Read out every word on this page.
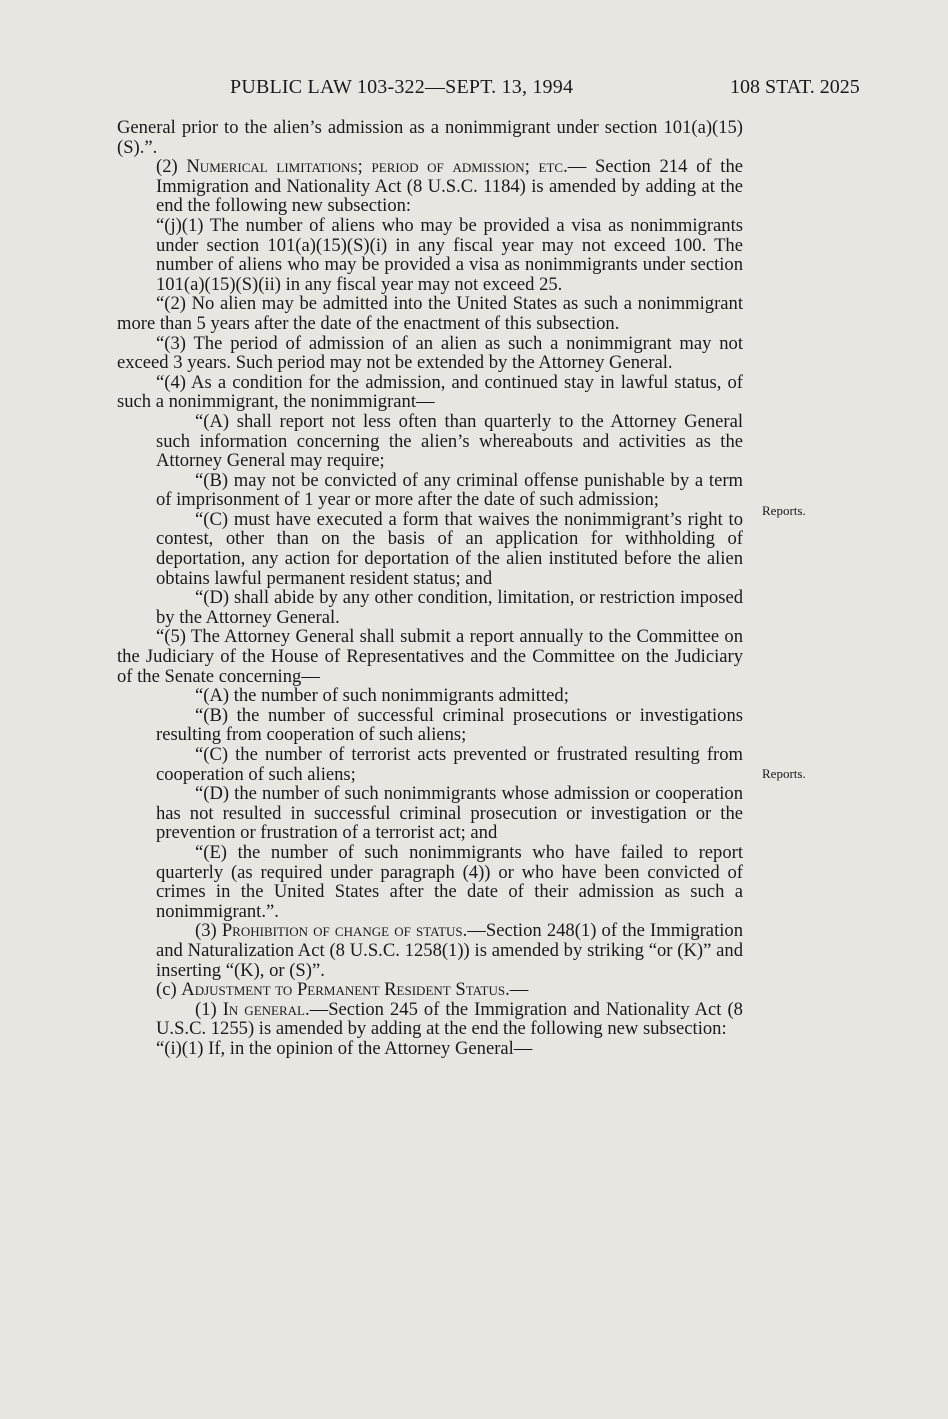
PUBLIC LAW 103-322—SEPT. 13, 1994	108 STAT. 2025
Reports.
Reports.

General prior to the alien’s admission as a nonimmigrant under section 101(a)(15)(S).”.

(2) Numerical limitations; period of admission; etc.— Section 214 of the Immigration and Nationality Act (8 U.S.C. 1184) is amended by adding at the end the following new subsection:

“(j)(1) The number of aliens who may be provided a visa as nonimmigrants under section 101(a)(15)(S)(i) in any fiscal year may not exceed 100. The number of aliens who may be provided a visa as nonimmigrants under section 101(a)(15)(S)(ii) in any fiscal year may not exceed 25.

“(2) No alien may be admitted into the United States as such a nonimmigrant more than 5 years after the date of the enactment of this subsection.

“(3) The period of admission of an alien as such a nonimmigrant may not exceed 3 years. Such period may not be extended by the Attorney General.

“(4) As a condition for the admission, and continued stay in lawful status, of such a nonimmigrant, the nonimmigrant—

“(A) shall report not less often than quarterly to the Attorney General such information concerning the alien’s whereabouts and activities as the Attorney General may require;

“(B) may not be convicted of any criminal offense punishable by a term of imprisonment of 1 year or more after the date of such admission;

“(C) must have executed a form that waives the nonimmigrant’s right to contest, other than on the basis of an application for withholding of deportation, any action for deportation of the alien instituted before the alien obtains lawful permanent resident status; and

“(D) shall abide by any other condition, limitation, or restriction imposed by the Attorney General.

“(5) The Attorney General shall submit a report annually to the Committee on the Judiciary of the House of Representatives and the Committee on the Judiciary of the Senate concerning—

“(A) the number of such nonimmigrants admitted;

“(B) the number of successful criminal prosecutions or investigations resulting from cooperation of such aliens;

“(C) the number of terrorist acts prevented or frustrated resulting from cooperation of such aliens;

“(D) the number of such nonimmigrants whose admission or cooperation has not resulted in successful criminal prosecution or investigation or the prevention or frustration of a terrorist act; and

“(E) the number of such nonimmigrants who have failed to report quarterly (as required under paragraph (4)) or who have been convicted of crimes in the United States after the date of their admission as such a nonimmigrant.”.

(3) Prohibition of change of status.—Section 248(1) of the Immigration and Naturalization Act (8 U.S.C. 1258(1)) is amended by striking “or (K)” and inserting “(K), or (S)”.

(c) Adjustment to Permanent Resident Status.—

(1) In general.—Section 245 of the Immigration and Nationality Act (8 U.S.C. 1255) is amended by adding at the end the following new subsection:

“(i)(1) If, in the opinion of the Attorney General—
